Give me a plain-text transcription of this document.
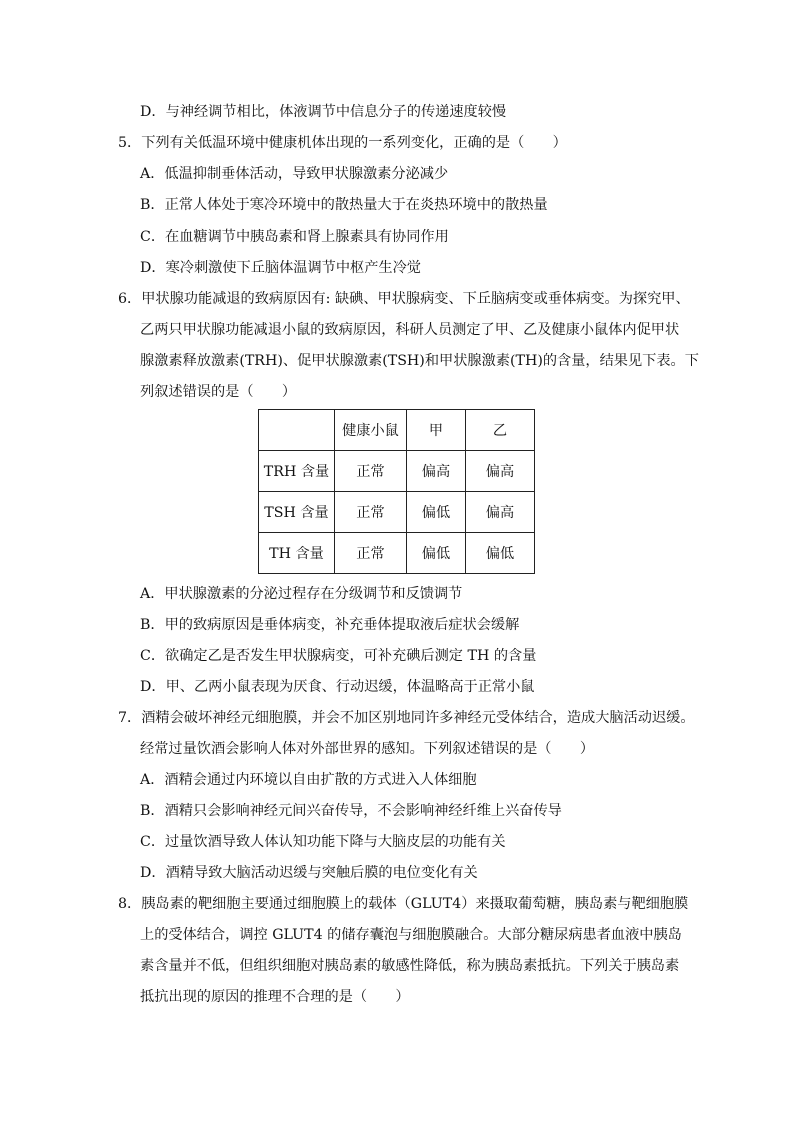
D．与神经调节相比，体液调节中信息分子的传递速度较慢
5．下列有关低温环境中健康机体出现的一系列变化，正确的是（　　）
A．低温抑制垂体活动，导致甲状腺激素分泌减少
B．正常人体处于寒冷环境中的散热量大于在炎热环境中的散热量
C．在血糖调节中胰岛素和肾上腺素具有协同作用
D．寒冷刺激使下丘脑体温调节中枢产生冷觉
6．甲状腺功能减退的致病原因有: 缺碘、甲状腺病变、下丘脑病变或垂体病变。为探究甲、
乙两只甲状腺功能减退小鼠的致病原因，科研人员测定了甲、乙及健康小鼠体内促甲状
腺激素释放激素(TRH)、促甲状腺激素(TSH)和甲状腺激素(TH)的含量，结果见下表。下
列叙述错误的是（　　）
	健康小鼠	甲	乙
TRH 含量	正常	偏高	偏高
TSH 含量	正常	偏低	偏高
TH 含量	正常	偏低	偏低
A．甲状腺激素的分泌过程存在分级调节和反馈调节
B．甲的致病原因是垂体病变，补充垂体提取液后症状会缓解
C．欲确定乙是否发生甲状腺病变，可补充碘后测定 TH 的含量
D．甲、乙两小鼠表现为厌食、行动迟缓，体温略高于正常小鼠
7．酒精会破坏神经元细胞膜，并会不加区别地同许多神经元受体结合，造成大脑活动迟缓。
经常过量饮酒会影响人体对外部世界的感知。下列叙述错误的是（　　）
A．酒精会通过内环境以自由扩散的方式进入人体细胞
B．酒精只会影响神经元间兴奋传导，不会影响神经纤维上兴奋传导
C．过量饮酒导致人体认知功能下降与大脑皮层的功能有关
D．酒精导致大脑活动迟缓与突触后膜的电位变化有关
8．胰岛素的靶细胞主要通过细胞膜上的载体（GLUT4）来摄取葡萄糖，胰岛素与靶细胞膜
上的受体结合，调控 GLUT4 的储存囊泡与细胞膜融合。大部分糖尿病患者血液中胰岛
素含量并不低，但组织细胞对胰岛素的敏感性降低，称为胰岛素抵抗。下列关于胰岛素
抵抗出现的原因的推理不合理的是（　　）
